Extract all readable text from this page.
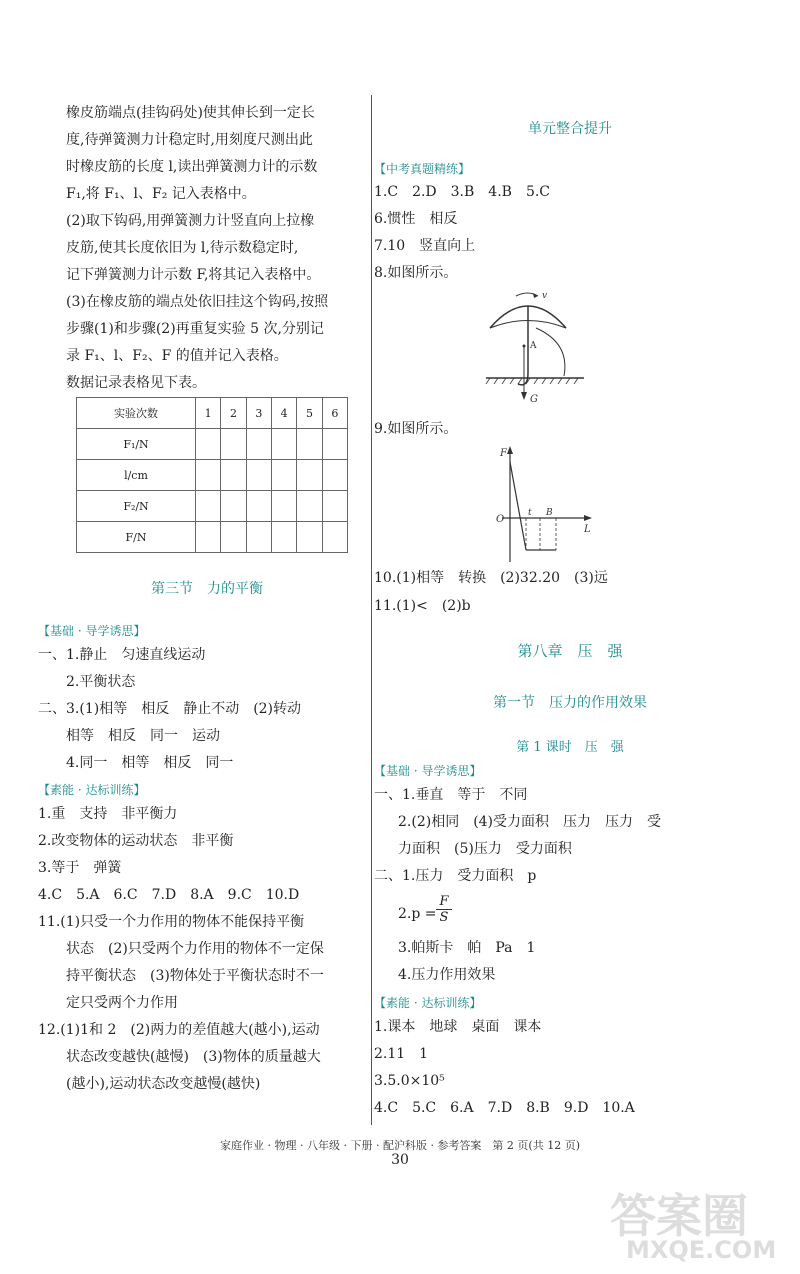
橡皮筋端点(挂钩码处)使其伸长到一定长
度,待弹簧测力计稳定时,用刻度尺测出此
时橡皮筋的长度 l,读出弹簧测力计的示数
F₁,将 F₁、l、F₂ 记入表格中。
(2)取下钩码,用弹簧测力计竖直向上拉橡
皮筋,使其长度依旧为 l,待示数稳定时,
记下弹簧测力计示数 F,将其记入表格中。
(3)在橡皮筋的端点处依旧挂这个钩码,按照
步骤(1)和步骤(2)再重复实验 5 次,分别记
录 F₁、l、F₂、F 的值并记入表格。
数据记录表格见下表。
实验次数	1	2	3	4	5	6
F₁/N						
l/cm						
F₂/N						
F/N						
第三节　力的平衡
【基础 · 导学诱思】
一、1.静止　匀速直线运动
2.平衡状态
二、3.(1)相等　相反　静止不动　(2)转动
相等　相反　同一　运动
4.同一　相等　相反　同一
【素能 · 达标训练】
1.重　支持　非平衡力
2.改变物体的运动状态　非平衡
3.等于　弹簧
4.C　5.A　6.C　7.D　8.A　9.C　10.D
11.(1)只受一个力作用的物体不能保持平衡
状态　(2)只受两个力作用的物体不一定保
持平衡状态　(3)物体处于平衡状态时不一
定只受两个力作用
12.(1)1和 2　(2)两力的差值越大(越小),运动
状态改变越快(越慢)　(3)物体的质量越大
(越小),运动状态改变越慢(越快)
单元整合提升
【中考真题精练】
1.C　2.D　3.B　4.B　5.C
6.惯性　相反
7.10　竖直向上
8.如图所示。
v
A
G
9.如图所示。
F
O
L
t B
10.(1)相等　转换　(2)32.20　(3)远
11.(1)<　(2)b
第八章　压　强
第一节　压力的作用效果
第 1 课时　压　强
【基础 · 导学诱思】
一、1.垂直　等于　不同
2.(2)相同　(4)受力面积　压力　压力　受
力面积　(5)压力　受力面积
二、1.压力　受力面积　p
$2.p = \frac{F}{S}$
3.帕斯卡　帕　Pa　1
4.压力作用效果
【素能 · 达标训练】
1.课本　地球　桌面　课本
2.11　1
3.5.0×10⁵
4.C　5.C　6.A　7.D　8.B　9.D　10.A
家庭作业 · 物理 · 八年级 · 下册 · 配沪科版 · 参考答案　第 2 页(共 12 页)
30
答案圈
MXQE.COM
